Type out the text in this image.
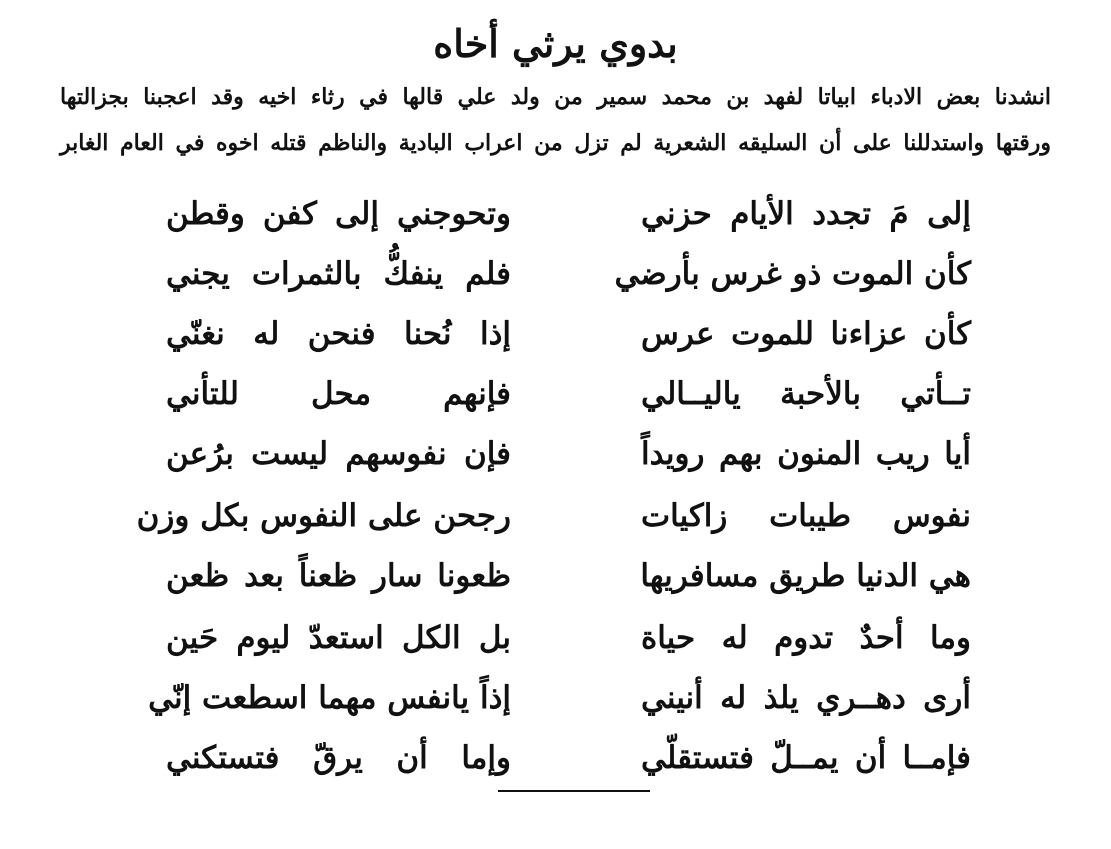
بدوي يرثي أخاه
انشدنا بعض الادباء ابياتا لفهد بن محمد سمير من ولد علي قالها في رثاء اخيه وقد اعجبنا بجزالتها
ورقتها واستدللنا على أن السليقه الشعرية لم تزل من اعراب البادية والناظم قتله اخوه في العام الغابر
إلى مَ تجدد الأيام حزني
وتحوجني إلى كفن وقطن
كأن الموت ذو غرس بأرضي
فلم ينفكُّ بالثمرات يجني
كأن عزاءنا للموت عرس
إذا نُحنا فنحن له نغنّي
تــأتي بالأحبة ياليــالي
فإنهم محل للتأني
أيا ريب المنون بهم رويداً
فإن نفوسهم ليست برُعن
نفوس طيبات زاكيات
رجحن على النفوس بكل وزن
هي الدنيا طريق مسافريها
ظعونا سار ظعناً بعد ظعن
وما أحدٌ تدوم له حياة
بل الكل استعدّ ليوم حَين
أرى دهــري يلذ له أنيني
إذاً يانفس مهما اسطعت إنّي
فإمــا أن يمــلّ فتستقلّي
وإما أن يرقّ فتستكني
